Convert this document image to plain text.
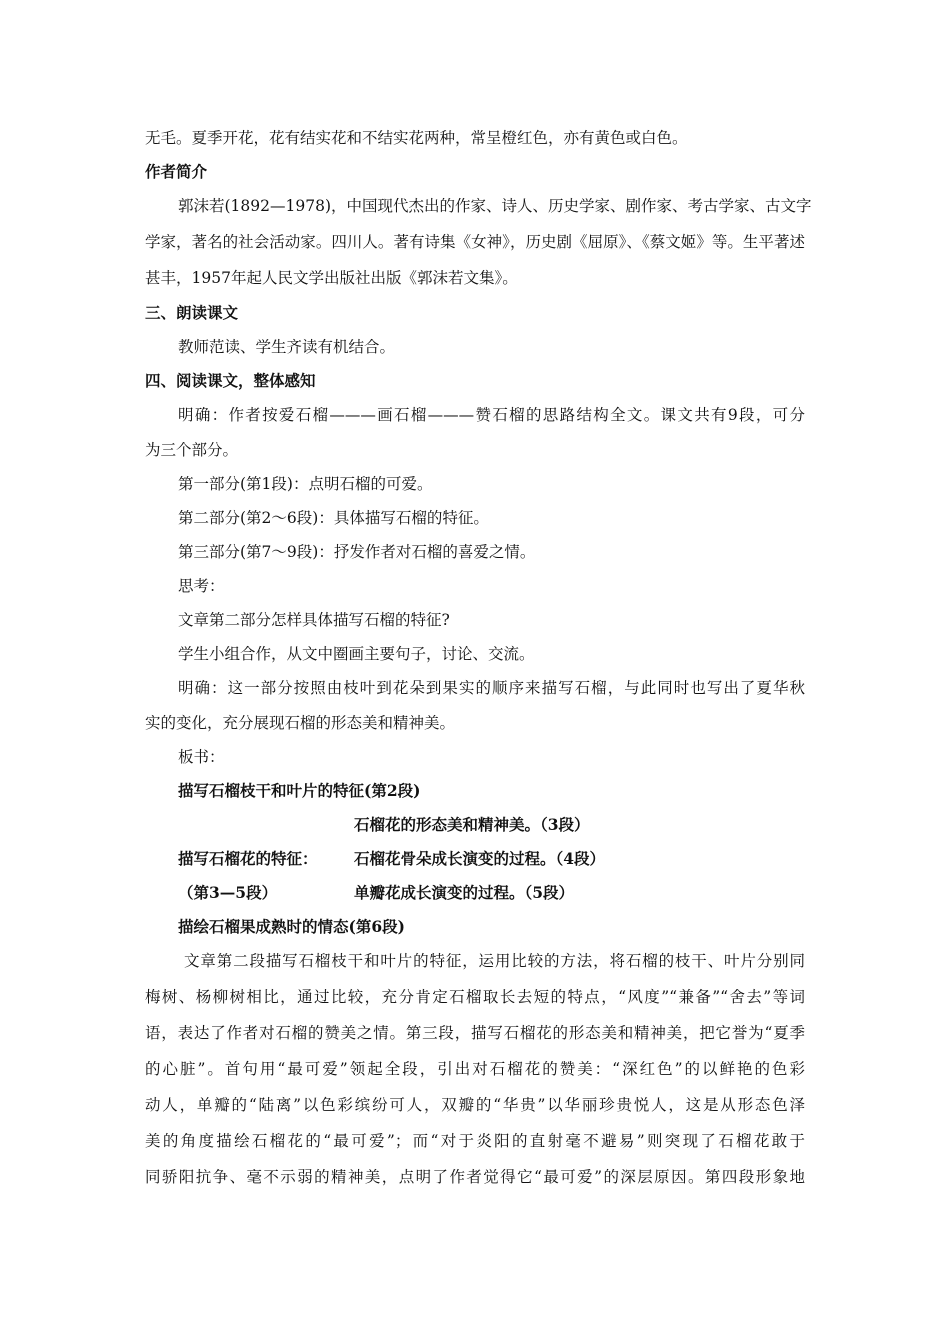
无毛。夏季开花，花有结实花和不结实花两种，常呈橙红色，亦有黄色或白色。
作者简介
郭沫若(1892—1978)，中国现代杰出的作家、诗人、历史学家、剧作家、考古学家、古文字
学家，著名的社会活动家。四川人。著有诗集《女神》，历史剧《屈原》、《蔡文姬》等。生平著述
甚丰，1957年起人民文学出版社出版《郭沫若文集》。
三、朗读课文
教师范读、学生齐读有机结合。
四、阅读课文，整体感知
明确：作者按爱石榴———画石榴———赞石榴的思路结构全文。课文共有9段，可分
为三个部分。
第一部分(第1段)：点明石榴的可爱。
第二部分(第2～6段)：具体描写石榴的特征。
第三部分(第7～9段)：抒发作者对石榴的喜爱之情。
思考：
文章第二部分怎样具体描写石榴的特征?
学生小组合作，从文中圈画主要句子，讨论、交流。
明确：这一部分按照由枝叶到花朵到果实的顺序来描写石榴，与此同时也写出了夏华秋
实的变化，充分展现石榴的形态美和精神美。
板书：
描写石榴枝干和叶片的特征(第2段)
石榴花的形态美和精神美。（3段）
描写石榴花的特征： 石榴花骨朵成长演变的过程。（4段）
（第3—5段）	单瓣花成长演变的过程。（5段）
描绘石榴果成熟时的情态(第6段)
文章第二段描写石榴枝干和叶片的特征，运用比较的方法，将石榴的枝干、叶片分别同
梅树、杨柳树相比，通过比较，充分肯定石榴取长去短的特点，“风度”“兼备”“舍去”等词
语，表达了作者对石榴的赞美之情。第三段，描写石榴花的形态美和精神美，把它誉为“夏季
的心脏”。首句用“最可爱”领起全段，引出对石榴花的赞美：“深红色”的以鲜艳的色彩
动人，单瓣的“陆离”以色彩缤纷可人，双瓣的“华贵”以华丽珍贵悦人，这是从形态色泽
美的角度描绘石榴花的“最可爱”；而“对于炎阳的直射毫不避易”则突现了石榴花敢于
同骄阳抗争、毫不示弱的精神美，点明了作者觉得它“最可爱”的深层原因。第四段形象地
